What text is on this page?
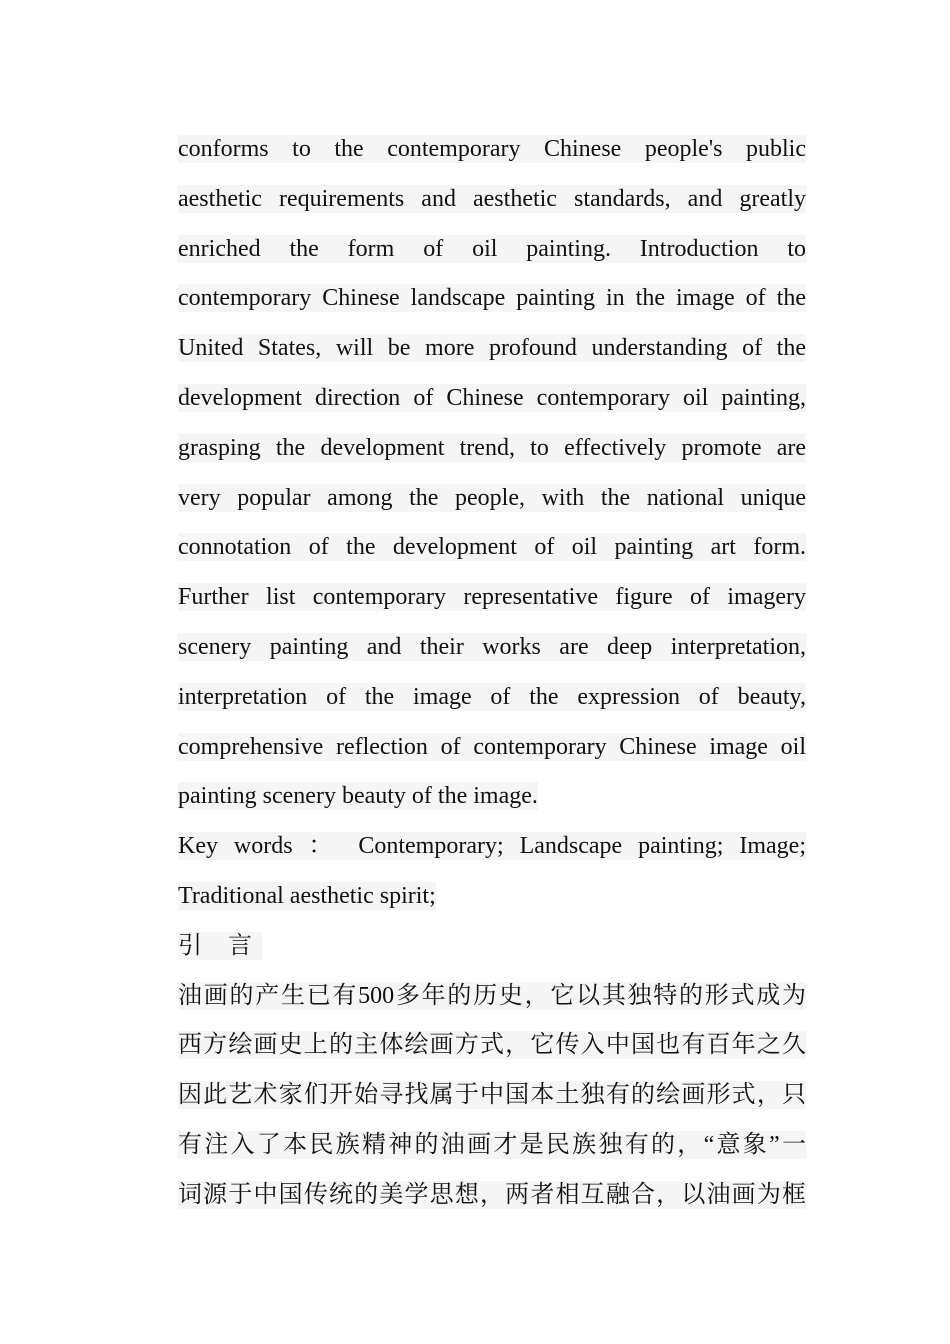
conforms to the contemporary Chinese people's public
aesthetic requirements and aesthetic standards, and greatly
enriched the form of oil painting. Introduction to
contemporary Chinese landscape painting in the image of the
United States, will be more profound understanding of the
development direction of Chinese contemporary oil painting,
grasping the development trend, to effectively promote are
very popular among the people, with the national unique
connotation of the development of oil painting art form.
Further list contemporary representative figure of imagery
scenery painting and their works are deep interpretation,
interpretation of the image of the expression of beauty,
comprehensive reflection of contemporary Chinese image oil
painting scenery beauty of the image.
Key words ： Contemporary; Landscape painting; Image;
Traditional aesthetic spirit;
引 言
油画的产生已有500多年的历史，它以其独特的形式成为
西方绘画史上的主体绘画方式，它传入中国也有百年之久
因此艺术家们开始寻找属于中国本土独有的绘画形式，只
有注入了本民族精神的油画才是民族独有的，“意象”一
词源于中国传统的美学思想，两者相互融合，以油画为框
